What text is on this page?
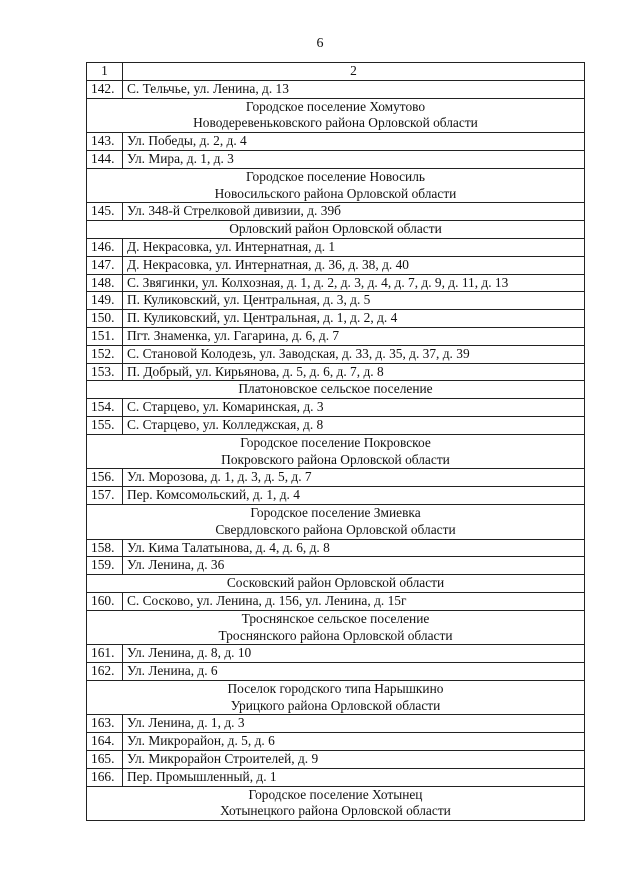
6
1	2
142.	С. Тельчье, ул. Ленина, д. 13

Городское поселение Хомутово
Новодеревеньковского района Орловской области	

143.	Ул. Победы, д. 2, д. 4
144.	Ул. Мира, д. 1, д. 3

Городское поселение Новосиль
Новосильского района Орловской области	

145.	Ул. 348-й Стрелковой дивизии, д. 39б

Орловский район Орловской области	

146.	Д. Некрасовка, ул. Интернатная, д. 1
147.	Д. Некрасовка, ул. Интернатная, д. 36, д. 38, д. 40
148.	С. Звягинки, ул. Колхозная, д. 1, д. 2, д. 3, д. 4, д. 7, д. 9, д. 11, д. 13
149.	П. Куликовский, ул. Центральная, д. 3, д. 5
150.	П. Куликовский, ул. Центральная, д. 1, д. 2, д. 4
151.	Пгт. Знаменка, ул. Гагарина, д. 6, д. 7
152.	С. Становой Колодезь, ул. Заводская, д. 33, д. 35, д. 37, д. 39
153.	П. Добрый, ул. Кирьянова, д. 5, д. 6, д. 7, д. 8

Платоновское сельское поселение	

154.	С. Старцево, ул. Комаринская, д. 3
155.	С. Старцево, ул. Колледжская, д. 8

Городское поселение Покровское
Покровского района Орловской области	

156.	Ул. Морозова, д. 1, д. 3, д. 5, д. 7
157.	Пер. Комсомольский, д. 1, д. 4

Городское поселение Змиевка
Свердловского района Орловской области	

158.	Ул. Кима Талатынова, д. 4, д. 6, д. 8
159.	Ул. Ленина, д. 36

Сосковский район Орловской области	

160.	С. Сосково, ул. Ленина, д. 156, ул. Ленина, д. 15г

Троснянское сельское поселение
Троснянского района Орловской области	

161.	Ул. Ленина, д. 8, д. 10
162.	Ул. Ленина, д. 6

Поселок городского типа Нарышкино
Урицкого района Орловской области	

163.	Ул. Ленина, д. 1, д. 3
164.	Ул. Микрорайон, д. 5, д. 6
165.	Ул. Микрорайон Строителей, д. 9
166.	Пер. Промышленный, д. 1

Городское поселение Хотынец
Хотынецкого района Орловской области	
